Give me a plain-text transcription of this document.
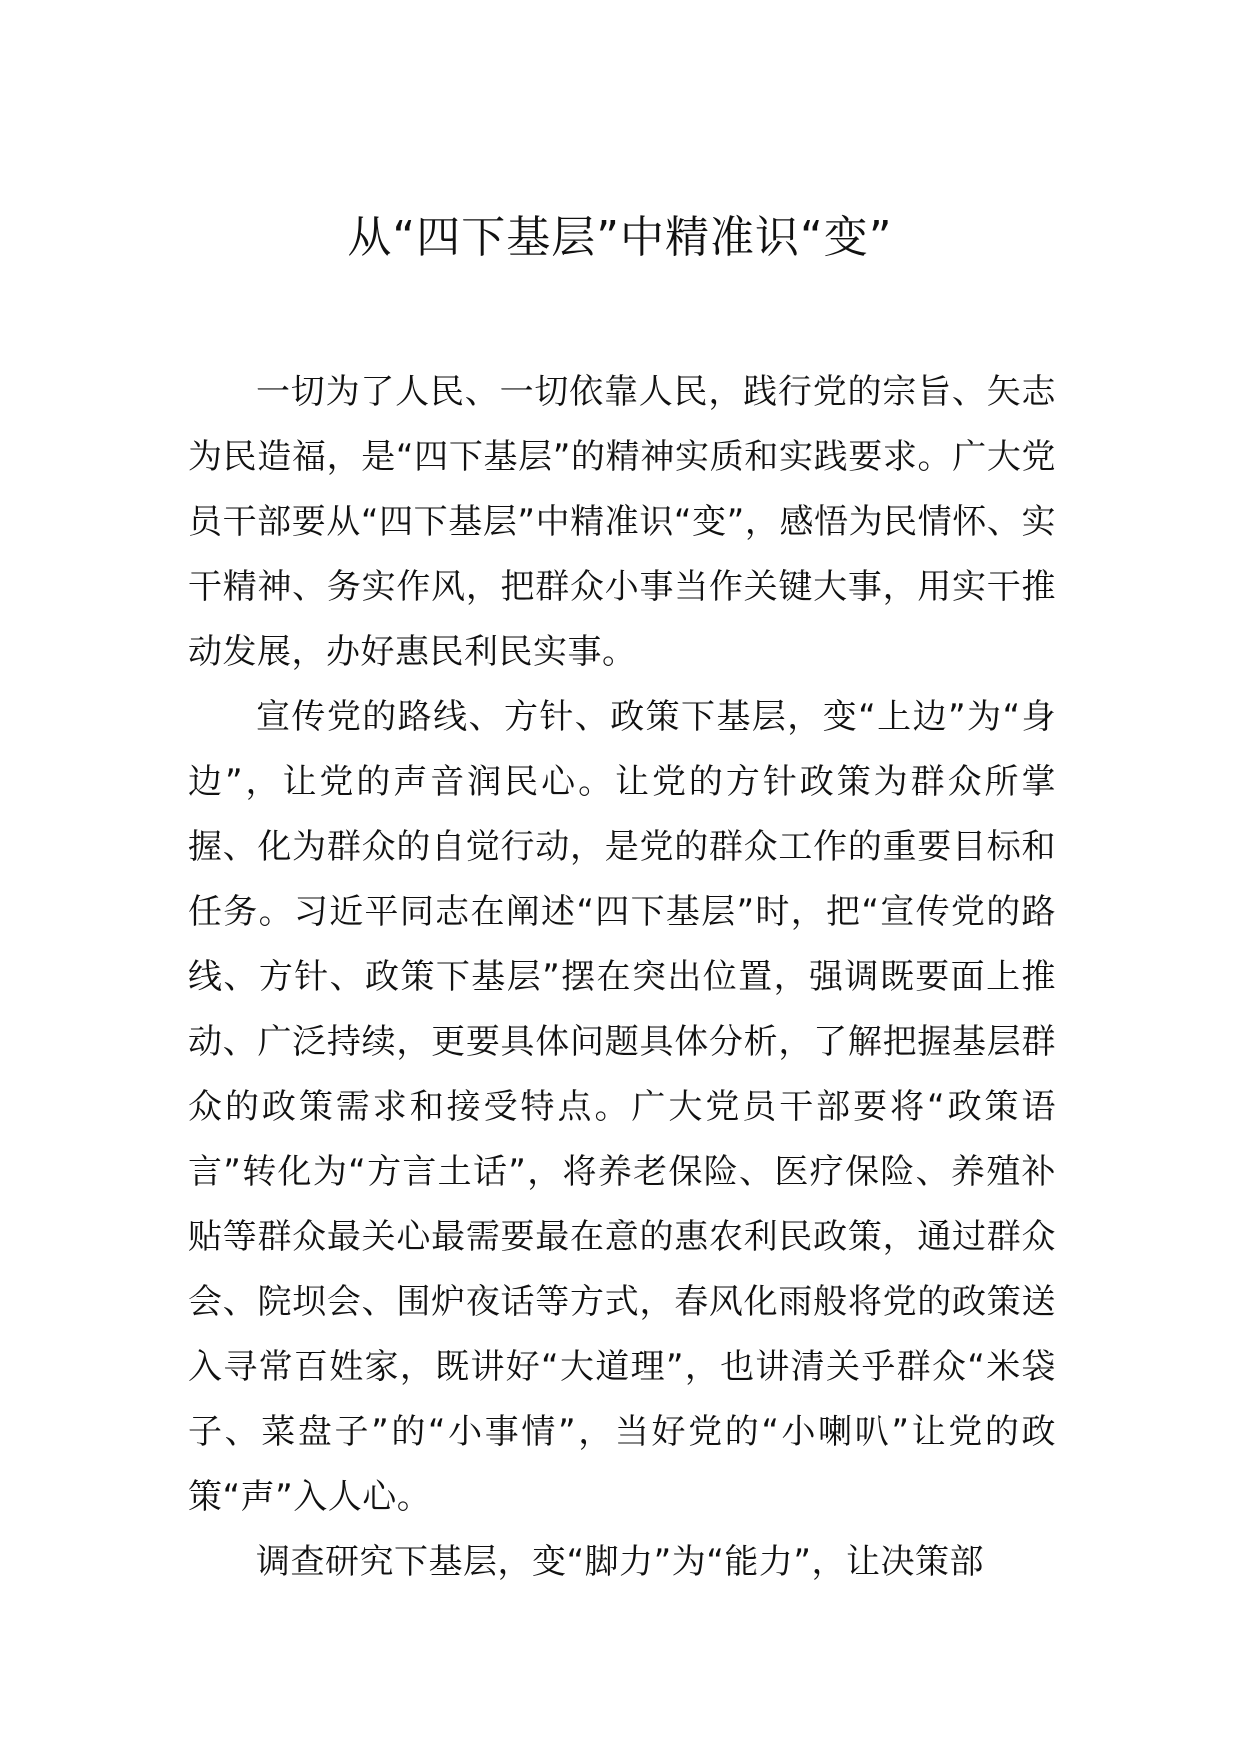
从“四下基层”中精准识“变”

一切为了人民、一切依靠人民，践行党的宗旨、矢志为民造福，是“四下基层”的精神实质和实践要求。广大党员干部要从“四下基层”中精准识“变”，感悟为民情怀、实干精神、务实作风，把群众小事当作关键大事，用实干推动发展，办好惠民利民实事。

宣传党的路线、方针、政策下基层，变“上边”为“身边”，让党的声音润民心。让党的方针政策为群众所掌握、化为群众的自觉行动，是党的群众工作的重要目标和任务。习近平同志在阐述“四下基层”时，把“宣传党的路线、方针、政策下基层”摆在突出位置，强调既要面上推动、广泛持续，更要具体问题具体分析，了解把握基层群众的政策需求和接受特点。广大党员干部要将“政策语言”转化为“方言土话”，将养老保险、医疗保险、养殖补贴等群众最关心最需要最在意的惠农利民政策，通过群众会、院坝会、围炉夜话等方式，春风化雨般将党的政策送入寻常百姓家，既讲好“大道理”，也讲清关乎群众“米袋子、菜盘子”的“小事情”，当好党的“小喇叭”让党的政策“声”入人心。

调查研究下基层，变“脚力”为“能力”，让决策部
